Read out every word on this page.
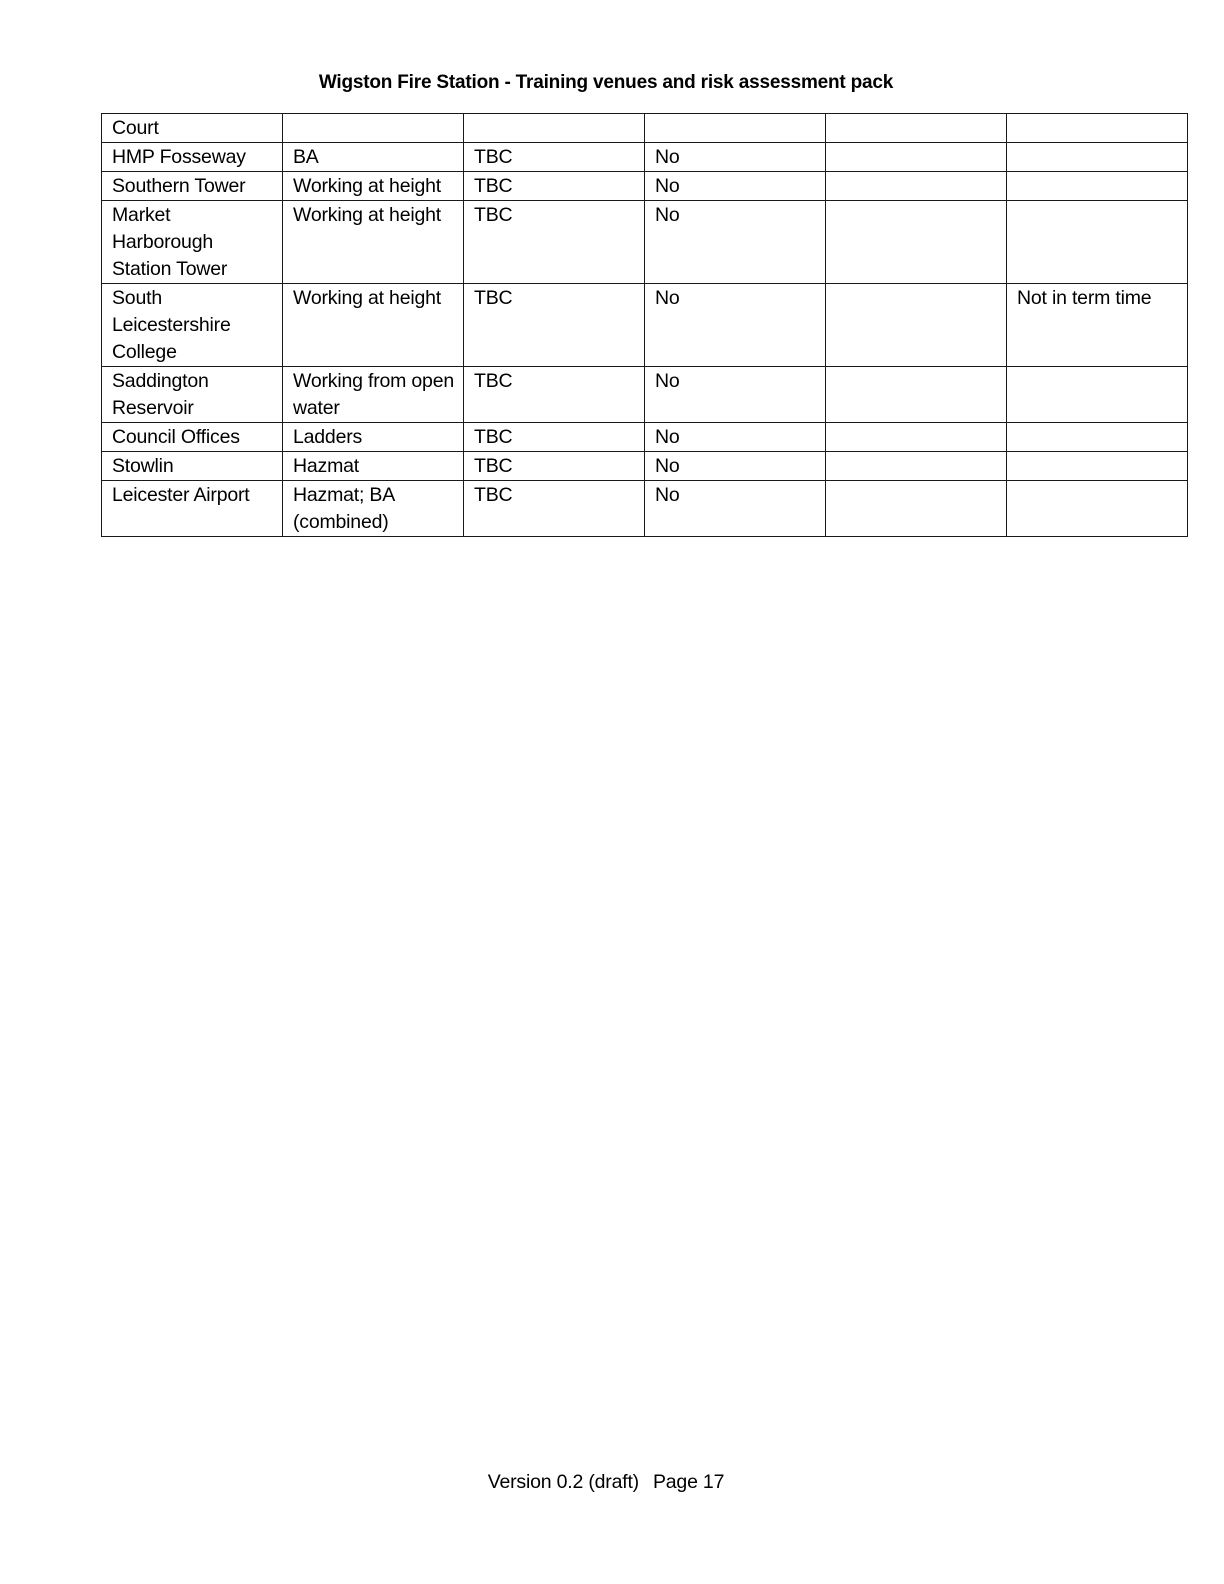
Wigston Fire Station - Training venues and risk assessment pack
Court					
HMP Fosseway	BA	TBC	No		
Southern Tower	Working at height	TBC	No		
Market Harborough Station Tower	Working at height	TBC	No		
South Leicestershire College	Working at height	TBC	No		Not in term time
Saddington Reservoir	Working from open water	TBC	No		
Council Offices	Ladders	TBC	No		
Stowlin	Hazmat	TBC	No		
Leicester Airport	Hazmat; BA (combined)	TBC	No		
Version 0.2 (draft) Page 17
